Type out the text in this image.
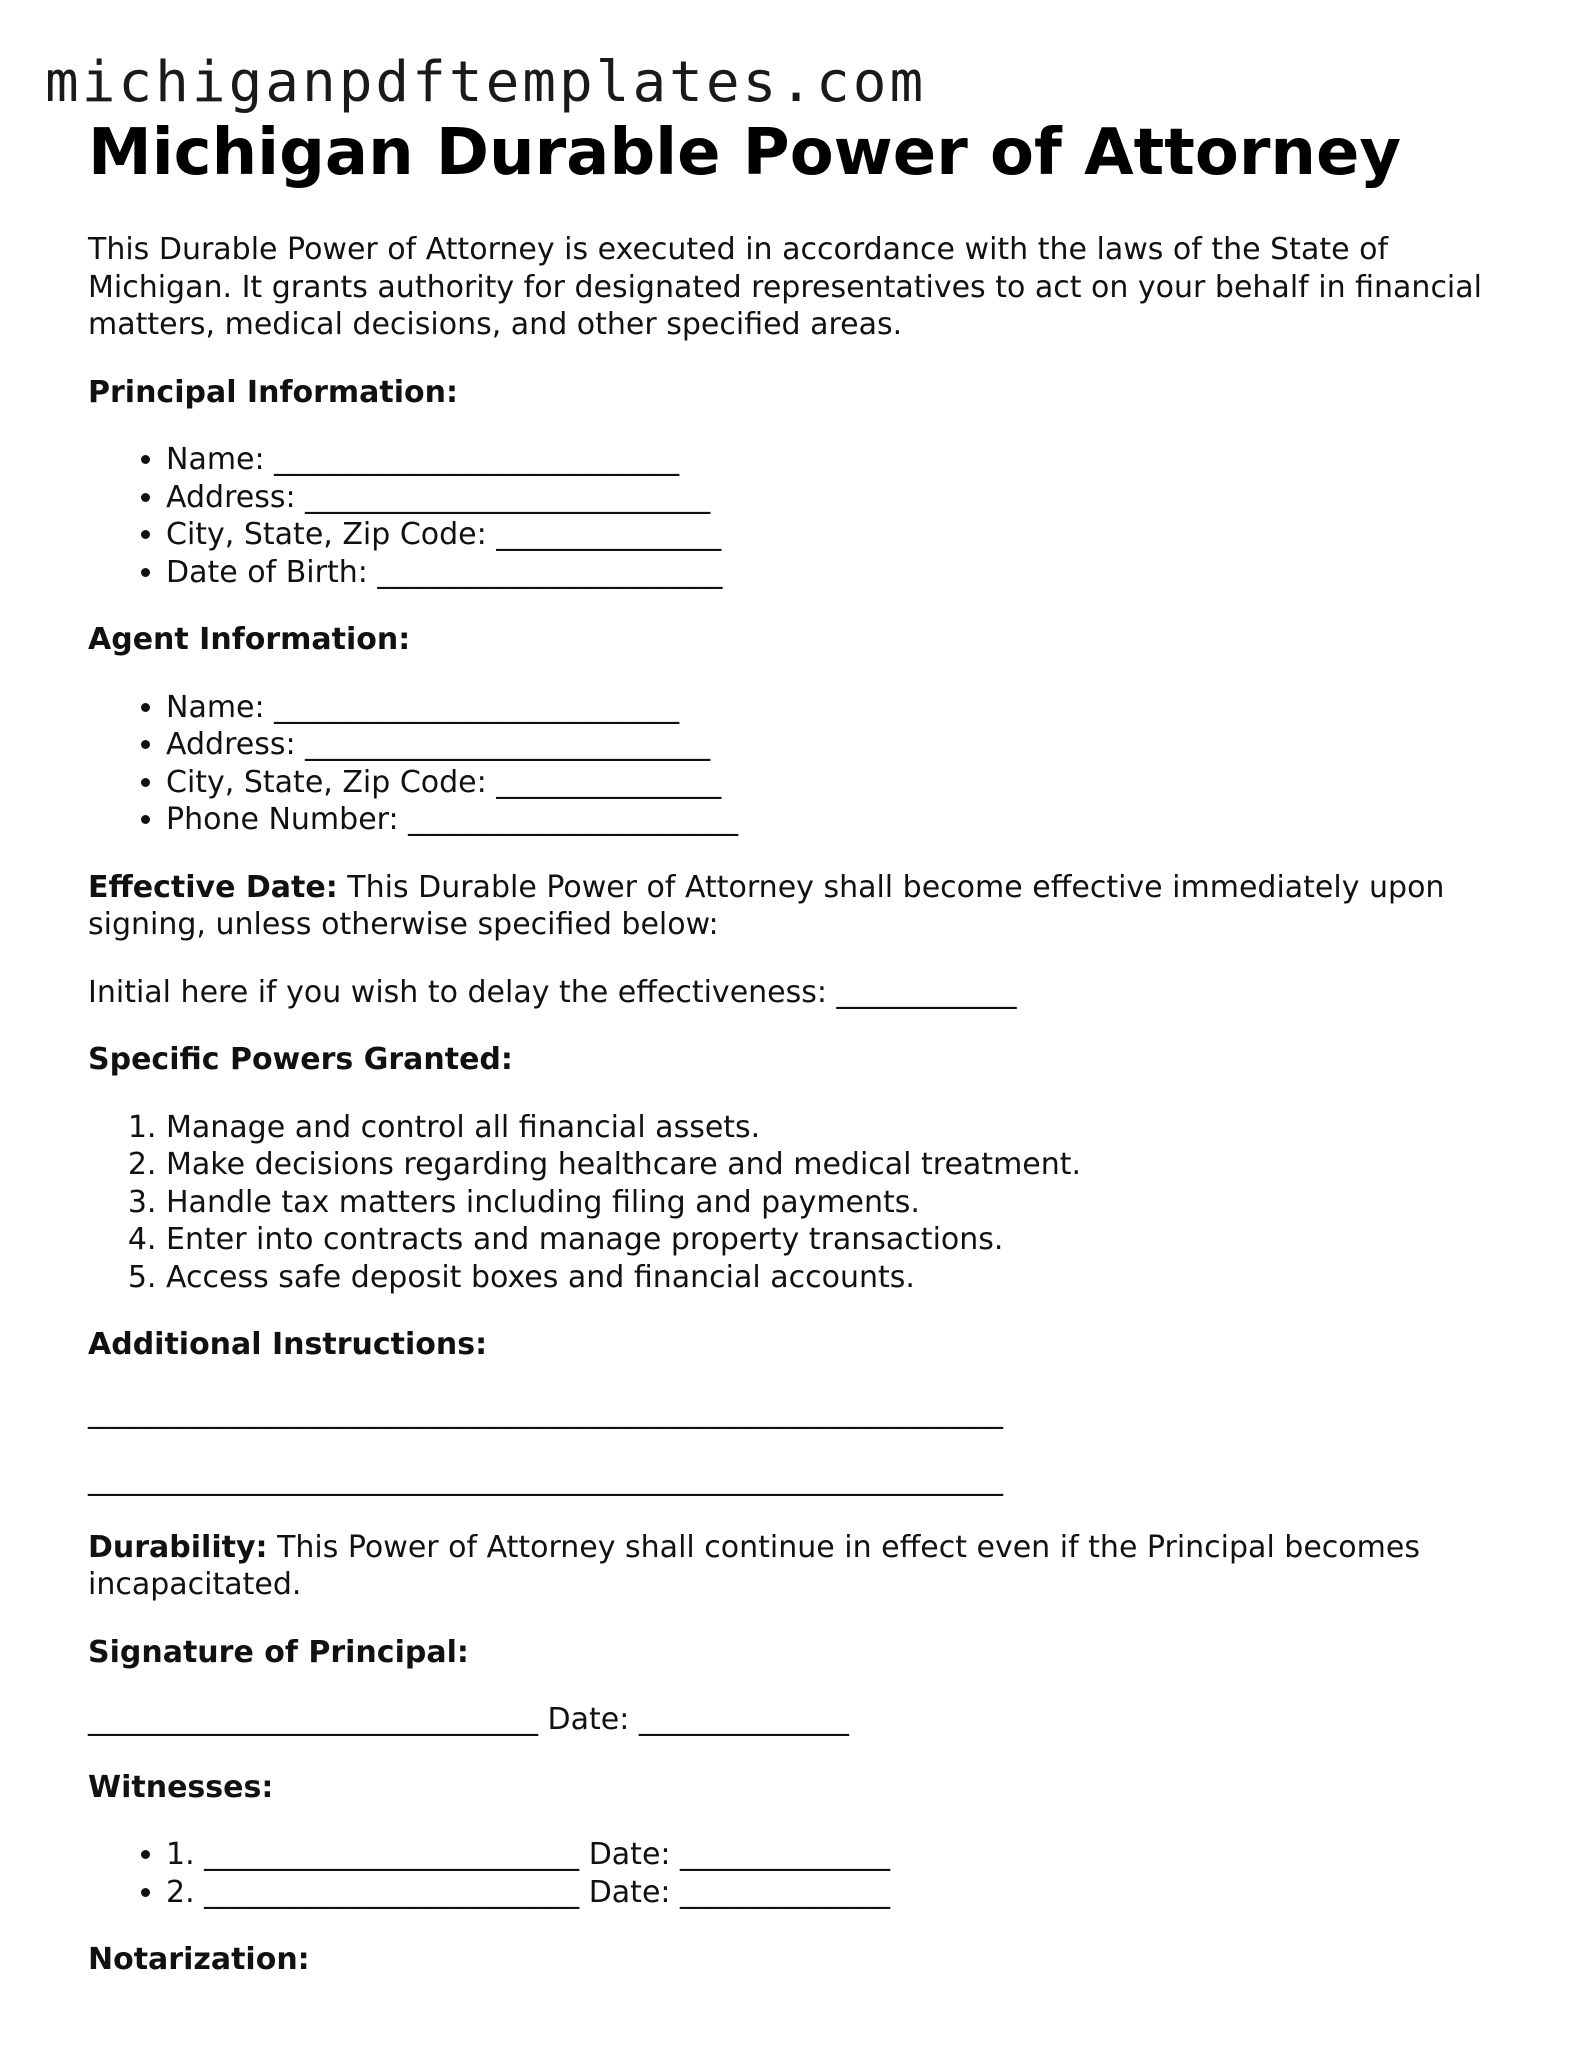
michiganpdftemplates.com
Michigan Durable Power of Attorney

This Durable Power of Attorney is executed in accordance with the laws of the State of Michigan. It grants authority for designated representatives to act on your behalf in financial matters, medical decisions, and other specified areas.

Principal Information:

• Name: ___________________________
• Address: ___________________________
• City, State, Zip Code: _______________
• Date of Birth: _______________________

Agent Information:

• Name: ___________________________
• Address: ___________________________
• City, State, Zip Code: _______________
• Phone Number: ______________________

Effective Date: This Durable Power of Attorney shall become effective immediately upon signing, unless otherwise specified below:

Initial here if you wish to delay the effectiveness: ____________

Specific Powers Granted:

1. Manage and control all financial assets.
2. Make decisions regarding healthcare and medical treatment.
3. Handle tax matters including filing and payments.
4. Enter into contracts and manage property transactions.
5. Access safe deposit boxes and financial accounts.

Additional Instructions:

_____________________________________________________________

_____________________________________________________________

Durability: This Power of Attorney shall continue in effect even if the Principal becomes incapacitated.

Signature of Principal:

______________________________ Date: ______________

Witnesses:

• 1. _________________________ Date: ______________
• 2. _________________________ Date: ______________

Notarization:
